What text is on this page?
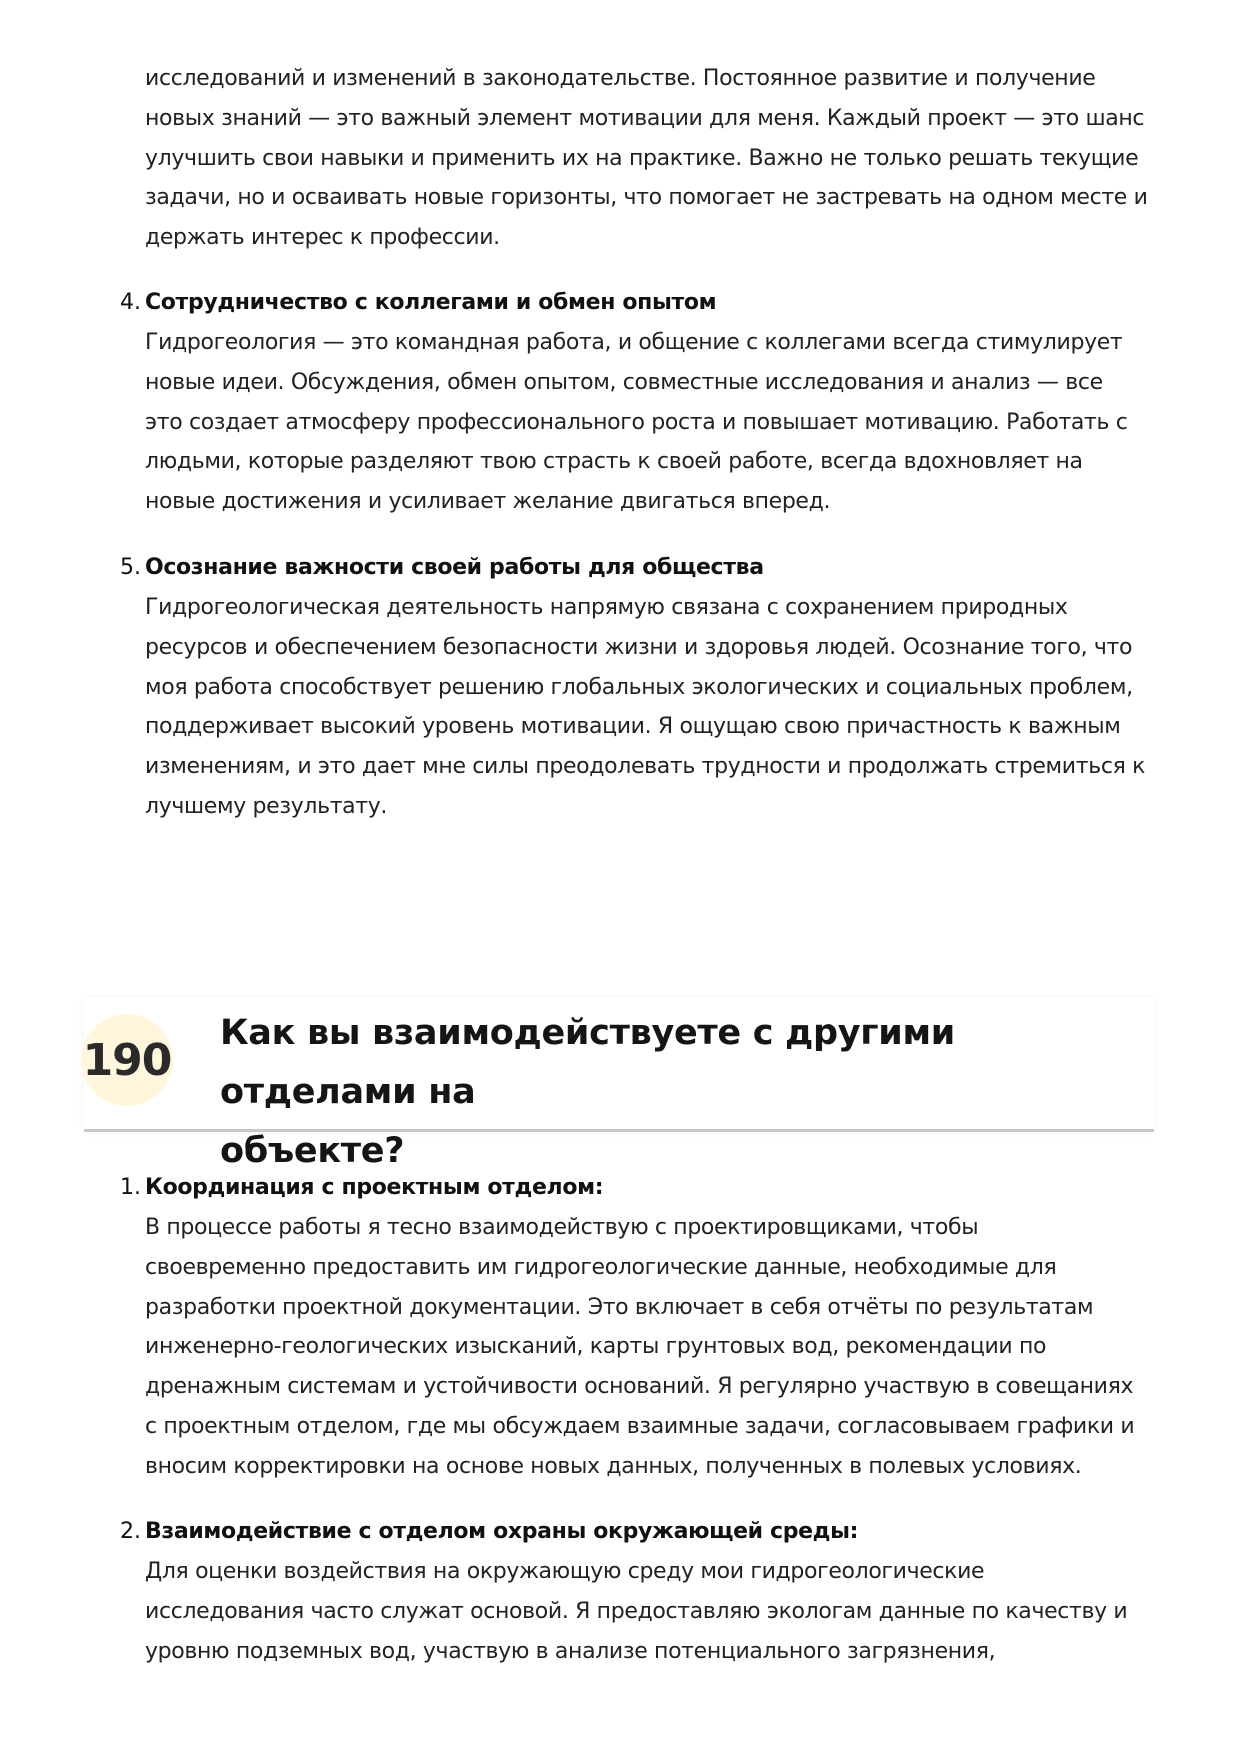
исследований и изменений в законодательстве. Постоянное развитие и получение
новых знаний — это важный элемент мотивации для меня. Каждый проект — это шанс
улучшить свои навыки и применить их на практике. Важно не только решать текущие
задачи, но и осваивать новые горизонты, что помогает не застревать на одном месте и
держать интерес к профессии.
4. Сотрудничество с коллегами и обмен опытом
Гидрогеология — это командная работа, и общение с коллегами всегда стимулирует
новые идеи. Обсуждения, обмен опытом, совместные исследования и анализ — все
это создает атмосферу профессионального роста и повышает мотивацию. Работать с
людьми, которые разделяют твою страсть к своей работе, всегда вдохновляет на
новые достижения и усиливает желание двигаться вперед.
5. Осознание важности своей работы для общества
Гидрогеологическая деятельность напрямую связана с сохранением природных
ресурсов и обеспечением безопасности жизни и здоровья людей. Осознание того, что
моя работа способствует решению глобальных экологических и социальных проблем,
поддерживает высокий уровень мотивации. Я ощущаю свою причастность к важным
изменениям, и это дает мне силы преодолевать трудности и продолжать стремиться к
лучшему результату.
190
Как вы взаимодействуете с другими отделами на
объекте?
1. Координация с проектным отделом:
В процессе работы я тесно взаимодействую с проектировщиками, чтобы
своевременно предоставить им гидрогеологические данные, необходимые для
разработки проектной документации. Это включает в себя отчёты по результатам
инженерно-геологических изысканий, карты грунтовых вод, рекомендации по
дренажным системам и устойчивости оснований. Я регулярно участвую в совещаниях
с проектным отделом, где мы обсуждаем взаимные задачи, согласовываем графики и
вносим корректировки на основе новых данных, полученных в полевых условиях.
2. Взаимодействие с отделом охраны окружающей среды:
Для оценки воздействия на окружающую среду мои гидрогеологические
исследования часто служат основой. Я предоставляю экологам данные по качеству и
уровню подземных вод, участвую в анализе потенциального загрязнения,
